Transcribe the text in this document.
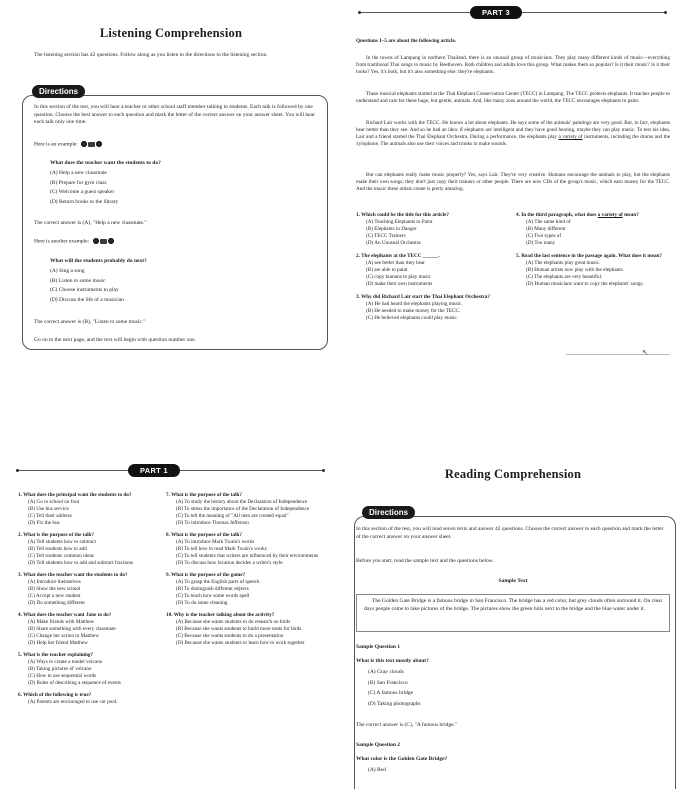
Listening Comprehension
The listening section has 42 questions. Follow along as you listen to the directions to the listening section.
Directions
In this section of the test, you will hear a teacher or other school staff member talking to students. Each talk is followed by one question. Choose the best answer to each question and mark the letter of the correct answer on your answer sheet. You will hear each talk only one time.
Here is an example:
What does the teacher want the students to do?
(A) Help a new classmate
(B) Prepare for gym class
(C) Welcome a guest speaker
(D) Return books to the library
The correct answer is (A), "Help a new classmate."
Here is another example:
What will the students probably do next?
(A) Sing a song
(B) Listen to some music
(C) Choose instruments to play
(D) Discuss the life of a musician
The correct answer is (B), "Listen to some music."
Go on to the next page, and the text will begin with question number one.
PART 3
Questions 1–5 are about the following article.
In the towns of Lampang in northern Thailand, there is an unusual group of musicians. They play many different kinds of music—everything from traditional Thai songs to music by Beethoven. Both children and adults love this group. What makes them so popular? Is it their music? Is it their looks? Yes, it's both, but it's also something else: they're elephants.
These musical elephants started at the Thai Elephant Conservation Center (TECC) in Lampang. The TECC protects elephants. It teaches people to understand and care for these huge, but gentle, animals. And, like many zoos around the world, the TECC encourages elephants to paint.
Richard Lair works with the TECC. He knows a lot about elephants. He says some of the animals' paintings are very good. But, in fact, elephants hear better than they see. And so he had an idea: if elephants are intelligent and they have good hearing, maybe they can play music. To test his idea, Lair and a friend started the Thai Elephant Orchestra. During a performance, the elephants play a variety of instruments, including the drums and the xylophone. The animals also use their voices and trunks to make sounds.
But can elephants really make music properly? Yes, says Lair. They're very creative. Humans encourage the animals to play, but the elephants make their own songs; they don't just copy their trainers or other people. There are now CDs of the group's music, which earn money for the TECC. And the music these artists create is pretty amazing.
1. Which could be the title for this article?
(A) Teaching Elephants to Paint
(B) Elephants in Danger
(C) TECC Trainers
(D) An Unusual Orchestra
2. The elephants at the TECC ______.
(A) see better than they hear
(B) are able to paint
(C) copy humans to play music
(D) make their own instruments
3. Why did Richard Lair start the Thai Elephant Orchestra?
(A) He had heard the elephants playing music.
(B) He needed to make money for the TECC.
(C) He believed elephants could play music.
4. In the third paragraph, what does a variety of mean?
(A) The same kind of
(B) Many different
(C) Two types of
(D) Too many
5. Read the last sentence in the passage again. What does it mean?
(A) The elephants play great music.
(B) Human artists now play with the elephants.
(C) The elephants are very beautiful.
(D) Human musicians want to copy the elephants' songs.
↖
PART 1
1. What does the principal want the students to do?
(A) Go to school on foot
(B) Use bus service
(C) Tell their address
(D) Fix the bus
2. What is the purpose of the talk?
(A) Tell students how to subtract
(B) Tell students how to add
(C) Tell students common ideas
(D) Tell students how to add and subtract fractions
3. What does the teacher want the students to do?
(A) Introduce themselves
(B) Show the new school
(C) Accept a new student
(D) Do something different
4. What does the teacher want Jane to do?
(A) Make friends with Matthew
(B) Share something with every classmate
(C) Change her action to Matthew
(D) Help her friend Matthew
5. What is the teacher explaining?
(A) Ways to create a model volcano
(B) Taking pictures of volcano
(C) How to use sequential words
(D) Rules of describing a sequence of events
6. Which of the following is true?
(A) Parents are encouraged to use car pool.
7. What is the purpose of the talk?
(A) To study the history about the Declaration of Independence
(B) To stress the importance of the Declaration of Independence
(C) To tell the meaning of "All men are created equal"
(D) To introduce Thomas Jefferson
8. What is the purpose of the talk?
(A) To introduce Mark Twain's works
(B) To tell how to read Mark Twain's works
(C) To tell students that writers are influenced by their environments
(D) To discuss how location decides a writer's style
9. What is the purpose of the game?
(A) To grasp the English parts of speech
(B) To distinguish different objects
(C) To teach how some words spell
(D) To do some cleaning
10. Why is the teacher talking about the activity?
(A) Because she wants students to do research on birds
(B) Because she wants students to build more nests for birds
(C) Because she wants students to do a presentation
(D) Because she wants students to learn how to work together
Reading Comprehension
Directions
In this section of the test, you will read seven texts and answer 42 questions. Choose the correct answer to each question and mark the letter of the correct answer on your answer sheet.
Before you start, read the sample text and the questions below.
Sample Text
The Golden Gate Bridge is a famous bridge in San Francisco. The bridge has a red color, but grey clouds often surround it. On clear days people come to take pictures of the bridge. The pictures show the green hills next to the bridge and the blue water under it.
Sample Question 1
What is this text mostly about?
(A) Gray clouds
(B) San Francisco
(C) A famous bridge
(D) Taking photographs
The correct answer is (C), "A famous bridge."
Sample Question 2
What color is the Golden Gate Bridge?
(A) Red
